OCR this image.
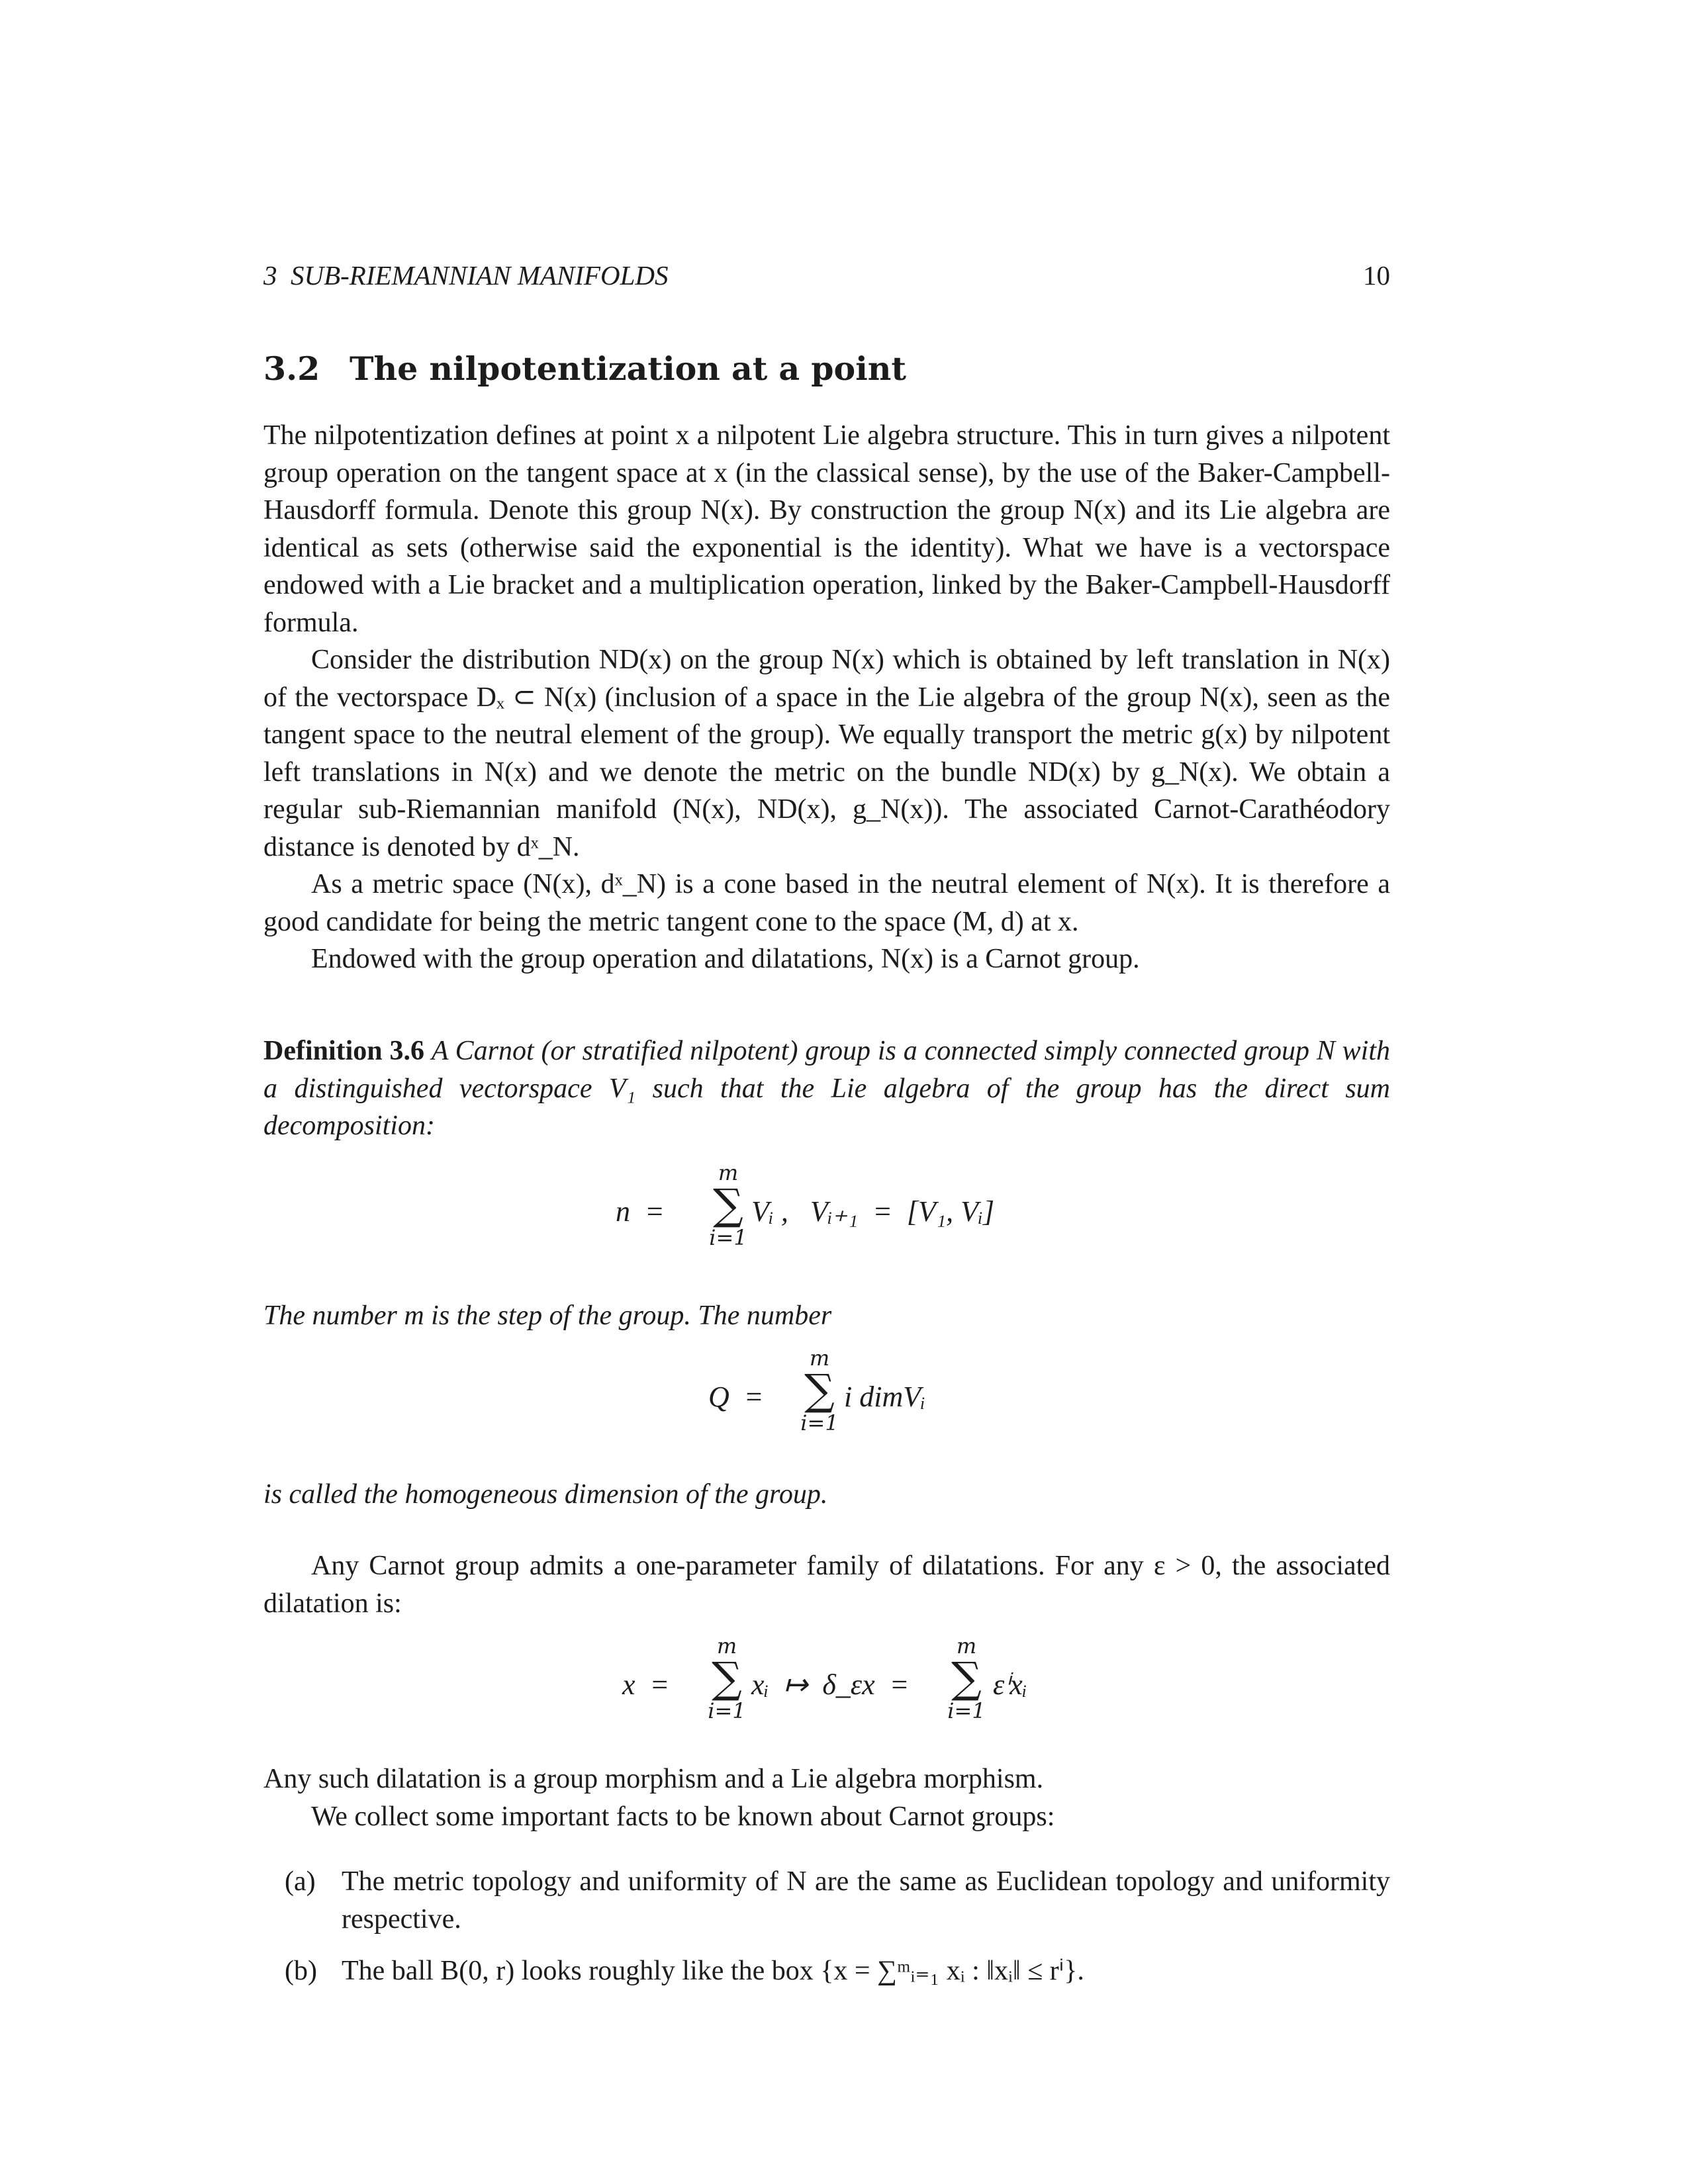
3  SUB-RIEMANNIAN MANIFOLDS	10
3.2 The nilpotentization at a point

The nilpotentization defines at point x a nilpotent Lie algebra structure. This in turn gives a nilpotent group operation on the tangent space at x (in the classical sense), by the use of the Baker-Campbell-Hausdorff formula. Denote this group N(x). By construction the group N(x) and its Lie algebra are identical as sets (otherwise said the exponential is the identity). What we have is a vectorspace endowed with a Lie bracket and a multiplication operation, linked by the Baker-Campbell-Hausdorff formula.

Consider the distribution ND(x) on the group N(x) which is obtained by left translation in N(x) of the vectorspace Dₓ ⊂ N(x) (inclusion of a space in the Lie algebra of the group N(x), seen as the tangent space to the neutral element of the group). We equally transport the metric g(x) by nilpotent left translations in N(x) and we denote the metric on the bundle ND(x) by g_N(x). We obtain a regular sub-Riemannian manifold (N(x), ND(x), g_N(x)). The associated Carnot-Carathéodory distance is denoted by dˣ_N.

As a metric space (N(x), dˣ_N) is a cone based in the neutral element of N(x). It is therefore a good candidate for being the metric tangent cone to the space (M, d) at x.

Endowed with the group operation and dilatations, N(x) is a Carnot group.

Definition 3.6 A Carnot (or stratified nilpotent) group is a connected simply connected group N with a distinguished vectorspace V₁ such that the Lie algebra of the group has the direct sum decomposition:

n  =
m
∑
i=1
Vᵢ ,   Vᵢ₊₁  =  [V₁, Vᵢ]

The number m is the step of the group. The number

Q  =
m
∑
i=1
i dimVᵢ

is called the homogeneous dimension of the group.

Any Carnot group admits a one-parameter family of dilatations. For any ε > 0, the associated dilatation is:

x  =
m
∑
i=1
xᵢ  ↦  δ_εx  =
m
∑
i=1
εⁱxᵢ

Any such dilatation is a group morphism and a Lie algebra morphism.

We collect some important facts to be known about Carnot groups:

(a) The metric topology and uniformity of N are the same as Euclidean topology and uniformity respective.
(b) The ball B(0, r) looks roughly like the box {x = ∑ᵐᵢ₌₁ xᵢ : ‖xᵢ‖ ≤ rⁱ}.
